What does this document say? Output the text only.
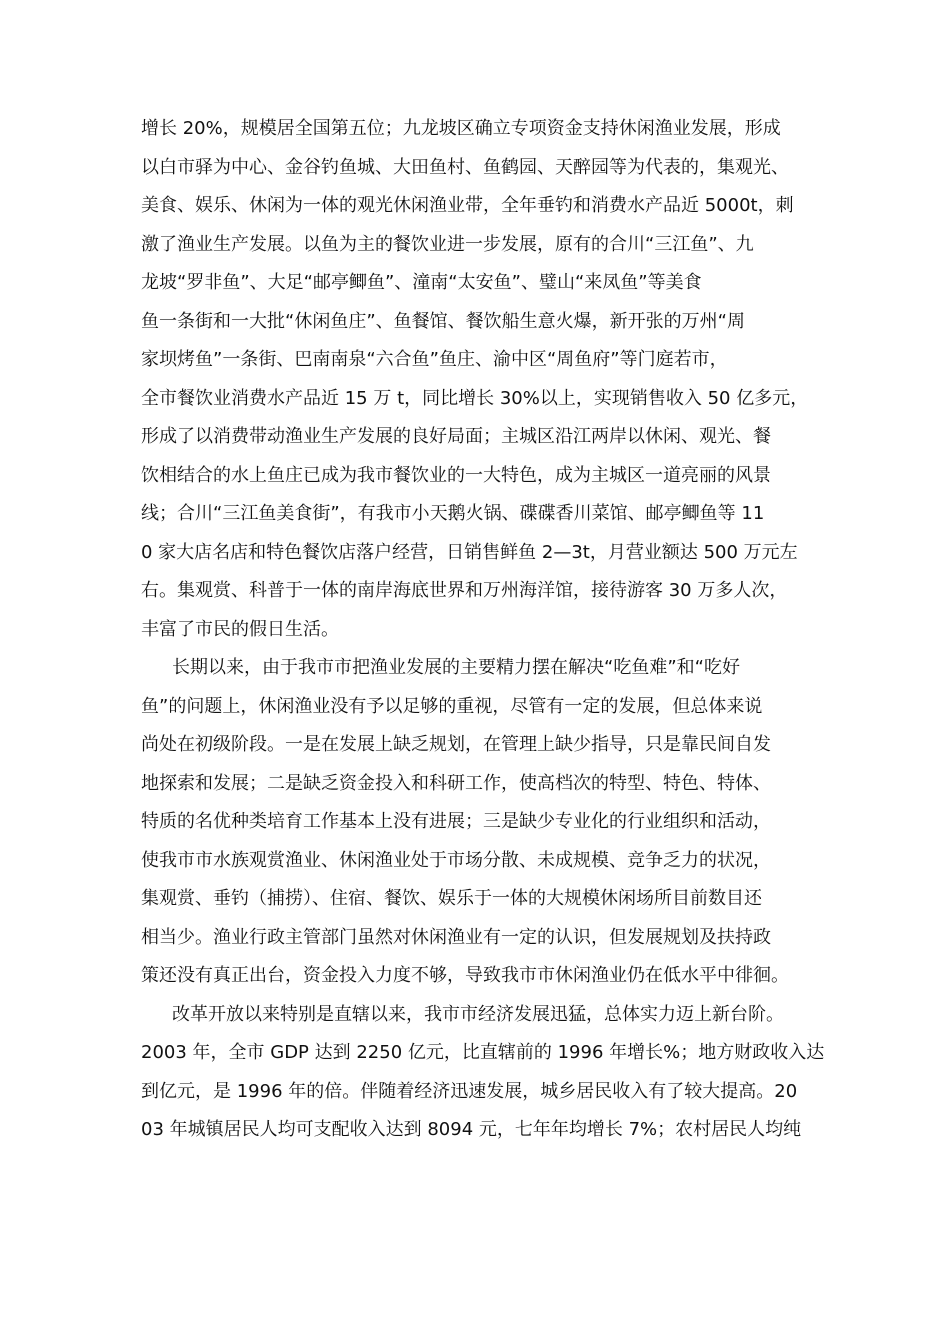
增长 20%，规模居全国第五位；九龙坡区确立专项资金支持休闲渔业发展，形成
以白市驿为中心、金谷钓鱼城、大田鱼村、鱼鹤园、天醉园等为代表的，集观光、
美食、娱乐、休闲为一体的观光休闲渔业带，全年垂钓和消费水产品近 5000t，刺
激了渔业生产发展。以鱼为主的餐饮业进一步发展，原有的合川“三江鱼”、九
龙坡“罗非鱼”、大足“邮亭鲫鱼”、潼南“太安鱼”、璧山“来凤鱼”等美食
鱼一条街和一大批“休闲鱼庄”、鱼餐馆、餐饮船生意火爆，新开张的万州“周
家坝烤鱼”一条街、巴南南泉“六合鱼”鱼庄、渝中区“周鱼府”等门庭若市，
全市餐饮业消费水产品近 15 万 t，同比增长 30%以上，实现销售收入 50 亿多元，
形成了以消费带动渔业生产发展的良好局面；主城区沿江两岸以休闲、观光、餐
饮相结合的水上鱼庄已成为我市餐饮业的一大特色，成为主城区一道亮丽的风景
线；合川“三江鱼美食街”，有我市小天鹅火锅、碟碟香川菜馆、邮亭鲫鱼等 11
0 家大店名店和特色餐饮店落户经营，日销售鲜鱼 2—3t，月营业额达 500 万元左
右。集观赏、科普于一体的南岸海底世界和万州海洋馆，接待游客 30 万多人次，
丰富了市民的假日生活。
长期以来，由于我市市把渔业发展的主要精力摆在解决“吃鱼难”和“吃好
鱼”的问题上，休闲渔业没有予以足够的重视，尽管有一定的发展，但总体来说
尚处在初级阶段。一是在发展上缺乏规划，在管理上缺少指导，只是靠民间自发
地探索和发展；二是缺乏资金投入和科研工作，使高档次的特型、特色、特体、
特质的名优种类培育工作基本上没有进展；三是缺少专业化的行业组织和活动，
使我市市水族观赏渔业、休闲渔业处于市场分散、未成规模、竞争乏力的状况，
集观赏、垂钓（捕捞）、住宿、餐饮、娱乐于一体的大规模休闲场所目前数目还
相当少。渔业行政主管部门虽然对休闲渔业有一定的认识，但发展规划及扶持政
策还没有真正出台，资金投入力度不够，导致我市市休闲渔业仍在低水平中徘徊。
改革开放以来特别是直辖以来，我市市经济发展迅猛，总体实力迈上新台阶。
2003 年，全市 GDP 达到 2250 亿元，比直辖前的 1996 年增长%；地方财政收入达
到亿元，是 1996 年的倍。伴随着经济迅速发展，城乡居民收入有了较大提高。20
03 年城镇居民人均可支配收入达到 8094 元，七年年均增长 7%；农村居民人均纯
